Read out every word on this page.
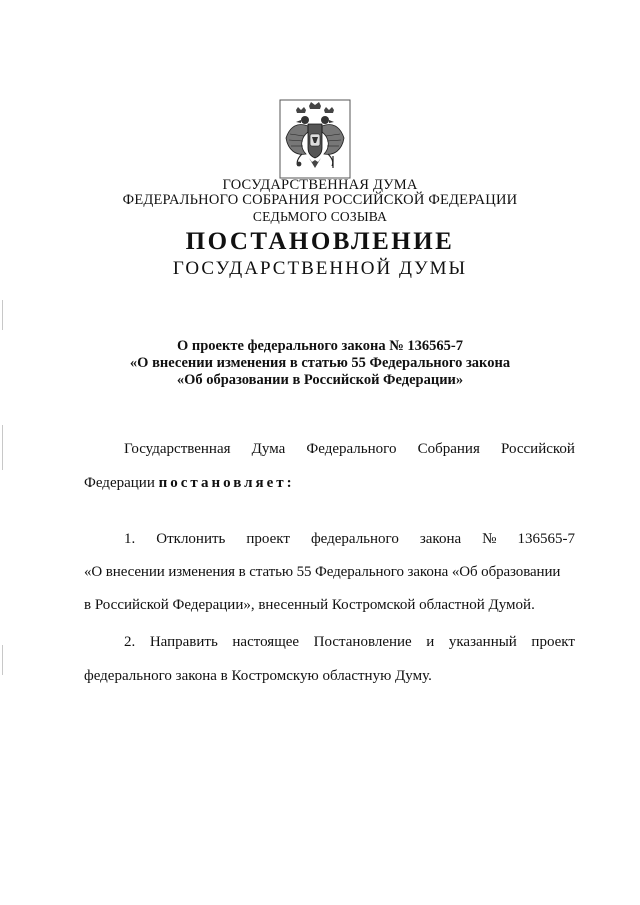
ГОСУДАРСТВЕННАЯ ДУМА
ФЕДЕРАЛЬНОГО СОБРАНИЯ РОССИЙСКОЙ ФЕДЕРАЦИИ
СЕДЬМОГО СОЗЫВА
ПОСТАНОВЛЕНИЕ
ГОСУДАРСТВЕННОЙ ДУМЫ
О проекте федерального закона № 136565-7
«О внесении изменения в статью 55 Федерального закона
«Об образовании в Российской Федерации»
Государственная Дума Федерального Собрания Российской
Федерации постановляет:
1. Отклонить проект федерального закона № 136565-7
«О внесении изменения в статью 55 Федерального закона «Об образовании
в Российской Федерации», внесенный Костромской областной Думой.
2. Направить настоящее Постановление и указанный проект
федерального закона в Костромскую областную Думу.
